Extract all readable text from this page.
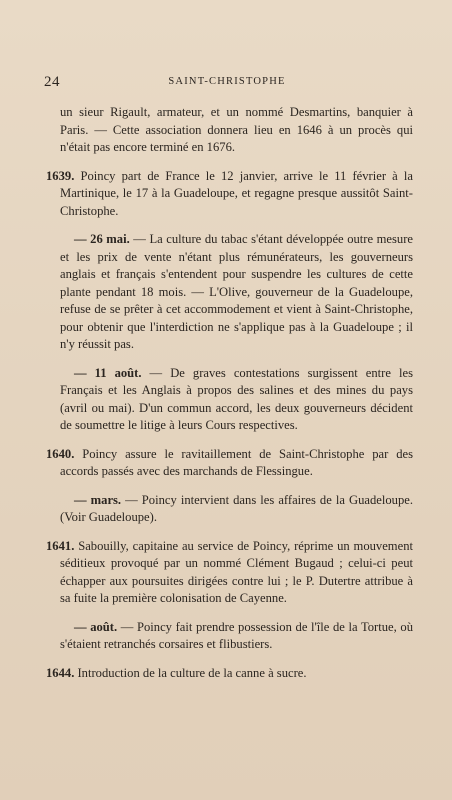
24	SAINT-CHRISTOPHE

un sieur Rigault, armateur, et un nommé Desmartins, banquier à Paris. — Cette association donnera lieu en 1646 à un procès qui n'était pas encore terminé en 1676.

1639. Poincy part de France le 12 janvier, arrive le 11 février à la Martinique, le 17 à la Guadeloupe, et regagne presque aussitôt Saint-Christophe.

— 26 mai. — La culture du tabac s'étant développée outre mesure et les prix de vente n'étant plus rémunérateurs, les gouverneurs anglais et français s'entendent pour suspendre les cultures de cette plante pendant 18 mois. — L'Olive, gouverneur de la Guadeloupe, refuse de se prêter à cet accommodement et vient à Saint-Christophe, pour obtenir que l'interdiction ne s'applique pas à la Guadeloupe ; il n'y réussit pas.

— 11 août. — De graves contestations surgissent entre les Français et les Anglais à propos des salines et des mines du pays (avril ou mai). D'un commun accord, les deux gouverneurs décident de soumettre le litige à leurs Cours respectives.

1640. Poincy assure le ravitaillement de Saint-Christophe par des accords passés avec des marchands de Flessingue.

— mars. — Poincy intervient dans les affaires de la Guadeloupe. (Voir Guadeloupe).

1641. Sabouilly, capitaine au service de Poincy, réprime un mouvement séditieux provoqué par un nommé Clément Bugaud ; celui-ci peut échapper aux poursuites dirigées contre lui ; le P. Dutertre attribue à sa fuite la première colonisation de Cayenne.

— août. — Poincy fait prendre possession de l'île de la Tortue, où s'étaient retranchés corsaires et flibustiers.

1644. Introduction de la culture de la canne à sucre.
